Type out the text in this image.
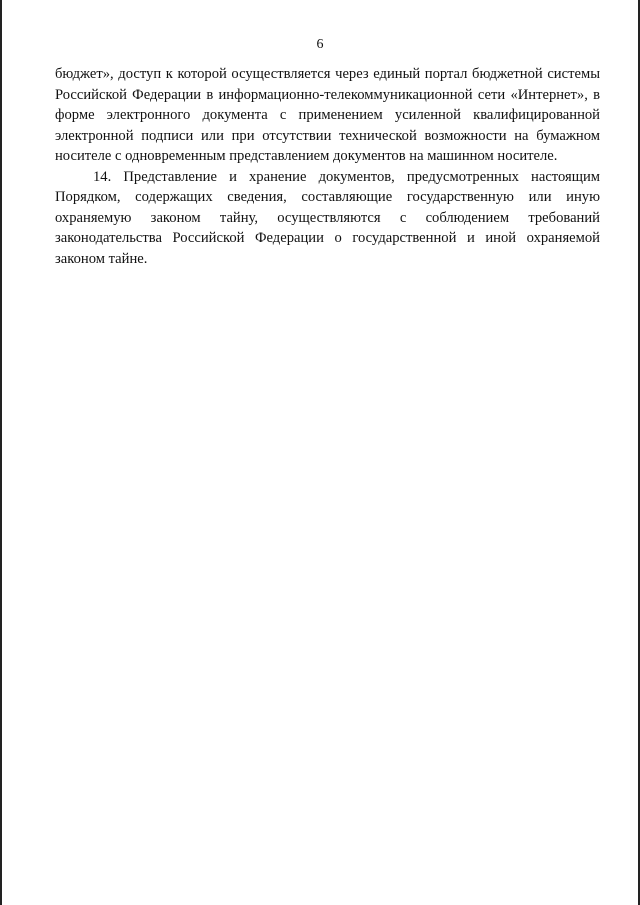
6

бюджет», доступ к которой осуществляется через единый портал бюджетной системы Российской Федерации в информационно-телекоммуникационной сети «Интернет», в форме электронного документа с применением усиленной квалифицированной электронной подписи или при отсутствии технической возможности на бумажном носителе с одновременным представлением документов на машинном носителе.

14. Представление и хранение документов, предусмотренных настоящим Порядком, содержащих сведения, составляющие государственную или иную охраняемую законом тайну, осуществляются с соблюдением требований законодательства Российской Федерации о государственной и иной охраняемой законом тайне.
